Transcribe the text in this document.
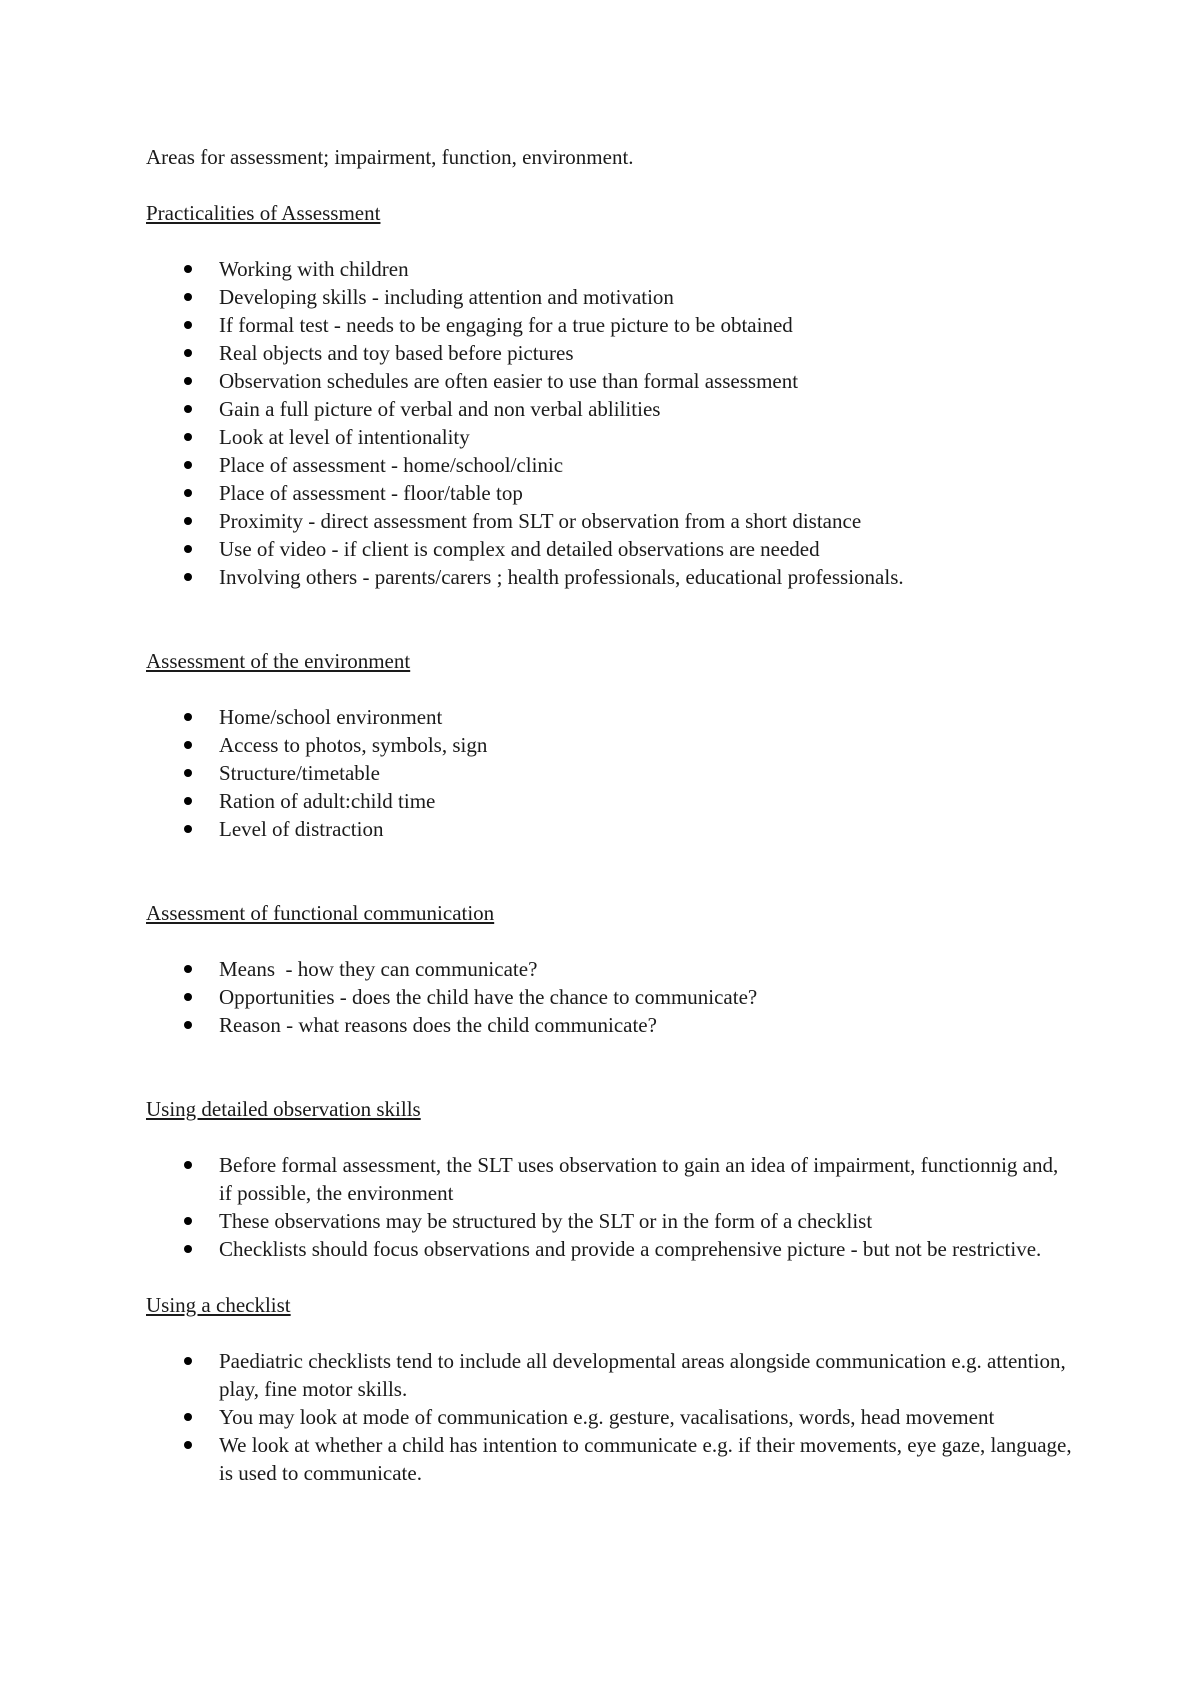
Areas for assessment; impairment, function, environment.

Practicalities of Assessment

Working with children
Developing skills - including attention and motivation
If formal test - needs to be engaging for a true picture to be obtained
Real objects and toy based before pictures
Observation schedules are often easier to use than formal assessment
Gain a full picture of verbal and non verbal ablilities
Look at level of intentionality
Place of assessment - home/school/clinic
Place of assessment - floor/table top
Proximity - direct assessment from SLT or observation from a short distance
Use of video - if client is complex and detailed observations are needed
Involving others - parents/carers ; health professionals, educational professionals.

Assessment of the environment

Home/school environment
Access to photos, symbols, sign
Structure/timetable
Ration of adult:child time
Level of distraction

Assessment of functional communication

Means  - how they can communicate?
Opportunities - does the child have the chance to communicate?
Reason - what reasons does the child communicate?

Using detailed observation skills

Before formal assessment, the SLT uses observation to gain an idea of impairment, functionnig and, if possible, the environment
These observations may be structured by the SLT or in the form of a checklist
Checklists should focus observations and provide a comprehensive picture - but not be restrictive.

Using a checklist

Paediatric checklists tend to include all developmental areas alongside communication e.g. attention, play, fine motor skills.
You may look at mode of communication e.g. gesture, vacalisations, words, head movement
We look at whether a child has intention to communicate e.g. if their movements, eye gaze, language, is used to communicate.
